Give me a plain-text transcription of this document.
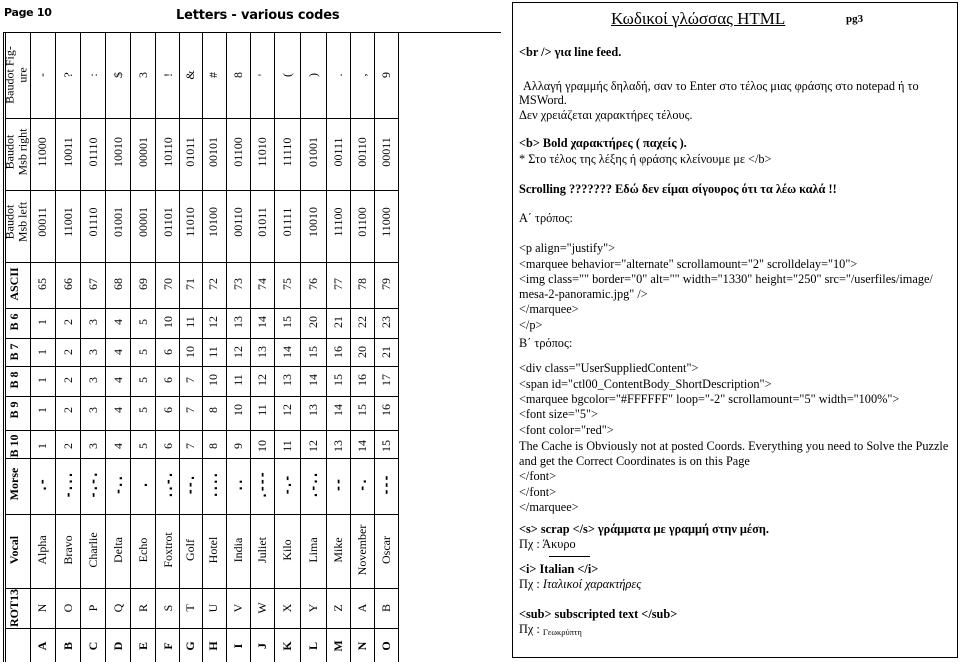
Page 10	Letters - various codes
ROT13
Vocal
Morse
B 10
B 9
B 8
B 7
B 6
ASCII
Baudot
Msb left
Baudot
Msb right
Baudot Fig-
ure
A
N
Alpha
.-
1
1
1
1
1
65
00011
11000
-
B
O
Bravo
-...
2
2
2
2
2
66
11001
10011
?
C
P
Charlie
-.-.
3
3
3
3
3
67
01110
01110
:
D
Q
Delta
-..
4
4
4
4
4
68
01001
10010
$
E
R
Echo
.
5
5
5
5
5
69
00001
00001
3
F
S
Foxtrot
..-.
6
6
6
6
10
70
01101
10110
!
G
T
Golf
--.
7
7
7
10
11
71
11010
01011
&
H
U
Hotel
....
8
8
10
11
12
72
10100
00101
#
I
V
India
..
9
10
11
12
13
73
00110
01100
8
J
W
Juliet
.---
10
11
12
13
14
74
01011
11010
'
K
X
Kilo
-.-
11
12
13
14
15
75
01111
11110
(
L
Y
Lima
.-..
12
13
14
15
20
76
10010
01001
)
M
Z
Mike
--
13
14
15
16
21
77
11100
00111
.
N
A
November
-.
14
15
16
20
22
78
01100
00110
,
O
B
Oscar
---
15
16
17
21
23
79
11000
00011
9
Κωδικοί γλώσσας HTML	pg3
<br /> για line feed.
Αλλαγή γραμμής δηλαδή, σαν το Enter στο τέλος μιας φράσης στο notepad ή το
MSWord.
Δεν χρειάζεται χαρακτήρες τέλους.
<b> Bold χαρακτήρες ( παχείς ).
* Στο τέλος της λέξης ή φράσης κλείνουμε με </b>
Scrolling ??????? Εδώ δεν είμαι σίγουρος ότι τα λέω καλά !!
Α΄ τρόπος:
<p align="justify">
<marquee behavior="alternate" scrollamount="2" scrolldelay="10">
<img class="" border="0" alt="" width="1330" height="250" src="/userfiles/image/
mesa-2-panoramic.jpg" />
</marquee>
</p>
Β΄ τρόπος:
<div class="UserSuppliedContent">
<span id="ctl00_ContentBody_ShortDescription">
<marquee bgcolor="#FFFFFF" loop="-2" scrollamount="5" width="100%">
<font size="5">
<font color="red">
The Cache is Obviously not at posted Coords. Everything you need to Solve the Puzzle
and get the Correct Coordinates is on this Page
</font>
</font>
</marquee>
<s> scrap </s> γράμματα με γραμμή στην μέση.
Πχ : Άκυρο
<i> Italian </i>
Πχ : Ιταλικοί χαρακτήρες
<sub> subscripted text </sub>
Πχ : Γεωκρύπτη
